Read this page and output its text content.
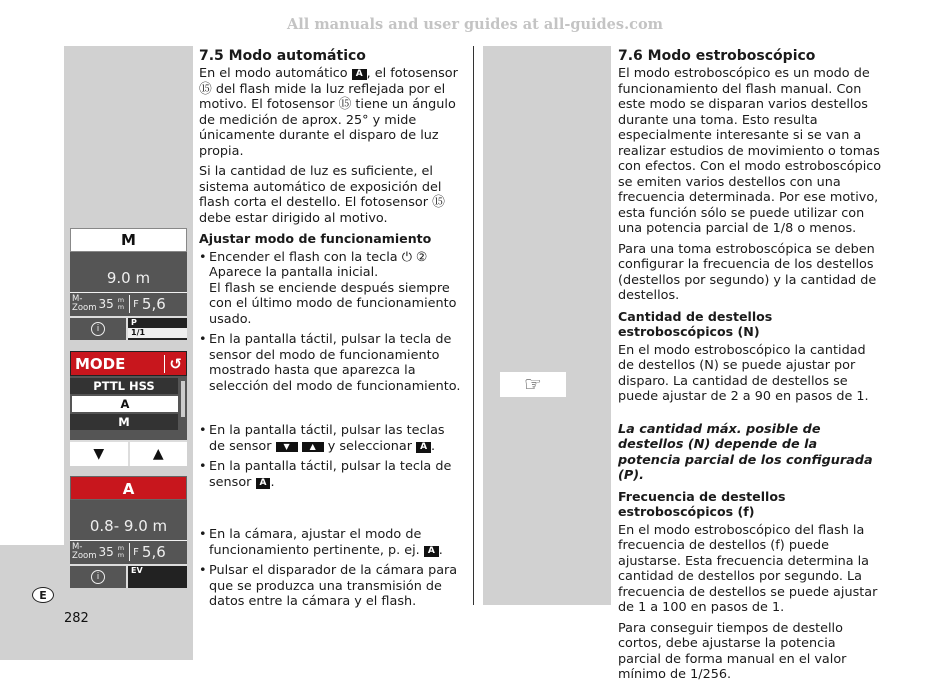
All manuals and user guides at all-guides.com
E
282
M
9.0 m
M-
Zoom 35 m
m F 5,6
i
P
1/1
MODE	↺
PTTL HSS
A
M
▼	▲
A
0.8- 9.0 m
M-
Zoom 35 m
m F 5,6
i
EV
7.5 Modo automático

En el modo automático A , el fotosensor ⑮ del flash mide la luz reflejada por el motivo. El fotosensor ⑮ tiene un ángulo de medición de aprox. 25° y mide únicamente durante el disparo de luz propia.

Si la cantidad de luz es suficiente, el sistema automático de exposición del flash corta el destello. El fotosensor ⑮ debe estar dirigido al motivo.

Ajustar modo de funcionamiento
• Encender el flash con la tecla ⏻ ②
Aparece la pantalla inicial.
El flash se enciende después siempre con el último modo de funcionamiento usado.
• En la pantalla táctil, pulsar la tecla de sensor del modo de funcionamiento mostrado hasta que aparezca la selección del modo de funcionamiento.
• En la pantalla táctil, pulsar las teclas de sensor ▼ ▲ y seleccionar A .
• En la pantalla táctil, pulsar la tecla de sensor A .
• En la cámara, ajustar el modo de funcionamiento pertinente, p. ej. A .
• Pulsar el disparador de la cámara para que se produzca una transmisión de datos entre la cámara y el flash.
☞
7.6 Modo estroboscópico

El modo estroboscópico es un modo de funcionamiento del flash manual. Con este modo se disparan varios destellos durante una toma. Esto resulta especialmente interesante si se van a realizar estudios de movimiento o tomas con efectos. Con el modo estroboscópico se emiten varios destellos con una frecuencia determinada. Por ese motivo, esta función sólo se puede utilizar con una potencia parcial de 1/8 o menos.

Para una toma estroboscópica se deben configurar la frecuencia de los destellos (destellos por segundo) y la cantidad de destellos.

Cantidad de destellos estroboscópicos (N)

En el modo estroboscópico la cantidad de destellos (N) se puede ajustar por disparo. La cantidad de destellos se puede ajustar de 2 a 90 en pasos de 1.

La cantidad máx. posible de destellos (N) depende de la potencia parcial de los configurada (P).

Frecuencia de destellos estroboscópicos (f)

En el modo estroboscópico del flash la frecuencia de destellos (f) puede ajustarse. Esta frecuencia determina la cantidad de destellos por segundo. La frecuencia de destellos se puede ajustar de 1 a 100 en pasos de 1.

Para conseguir tiempos de destello cortos, debe ajustarse la potencia parcial de forma manual en el valor mínimo de 1/256.
